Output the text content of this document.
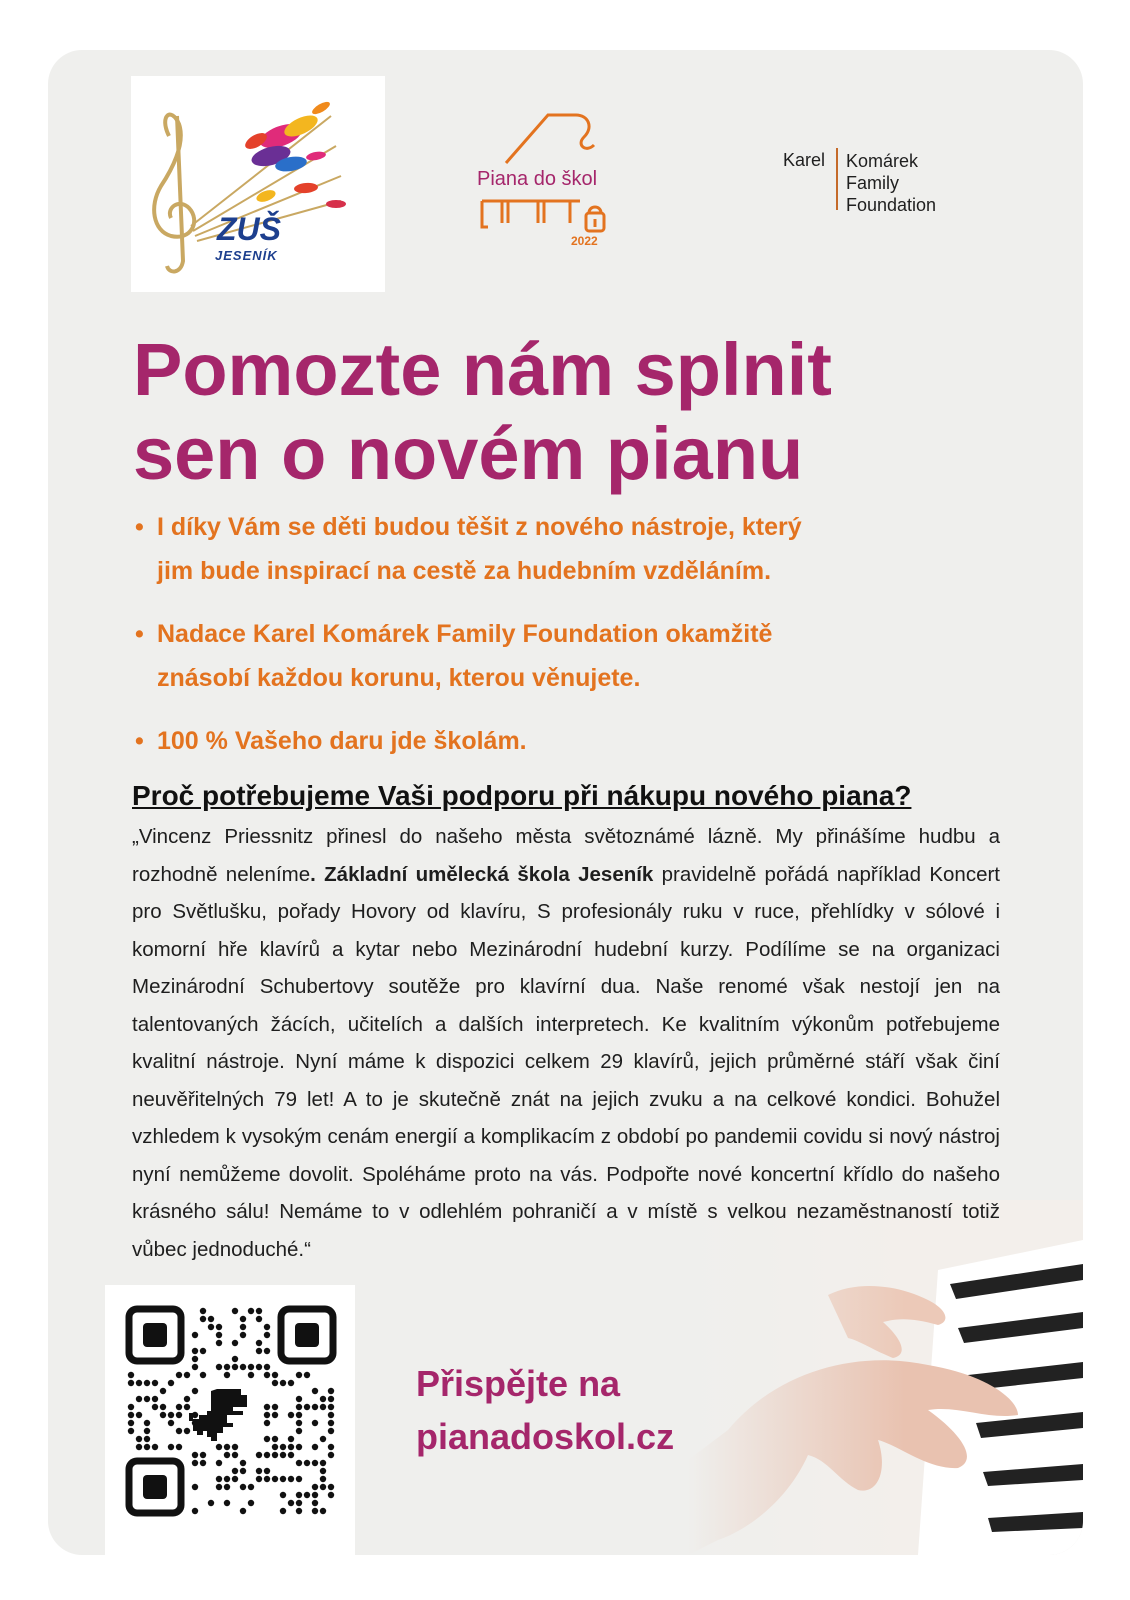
ZUŠ
JESENÍK
Piana do škol
2022
Karel Komárek
Family
Foundation
Pomozte nám splnit
sen o novém pianu
• I díky Vám se děti budou těšit z nového nástroje, který
jim bude inspirací na cestě za hudebním vzděláním.
• Nadace Karel Komárek Family Foundation okamžitě
znásobí každou korunu, kterou věnujete.
• 100 % Vašeho daru jde školám.
Proč potřebujeme Vaši podporu při nákupu nového piana?

„Vincenz Priessnitz přinesl do našeho města světoznámé lázně. My přinášíme hudbu a rozhodně neleníme. Základní umělecká škola Jeseník pravidelně pořádá například Koncert pro Světlušku, pořady Hovory od klavíru, S profesionály ruku v ruce, přehlídky v sólové i komorní hře klavírů a kytar nebo Mezinárodní hudební kurzy. Podílíme se na organizaci Mezinárodní Schubertovy soutěže pro klavírní dua. Naše renomé však nestojí jen na talentovaných žácích, učitelích a dalších interpretech. Ke kvalitním výkonům potřebujeme kvalitní nástroje. Nyní máme k dispozici celkem 29 klavírů, jejich průměrné stáří však činí neuvěřitelných 79 let! A to je skutečně znát na jejich zvuku a na celkové kondici. Bohužel vzhledem k vysokým cenám energií a komplikacím z období po pandemii covidu si nový nástroj nyní nemůžeme dovolit. Spoléháme proto na vás. Podpořte nové koncertní křídlo do našeho krásného sálu! Nemáme to v odlehlém pohraničí a v místě s velkou nezaměstnaností totiž vůbec jednoduché.“

Přispějte na
pianadoskol.cz
